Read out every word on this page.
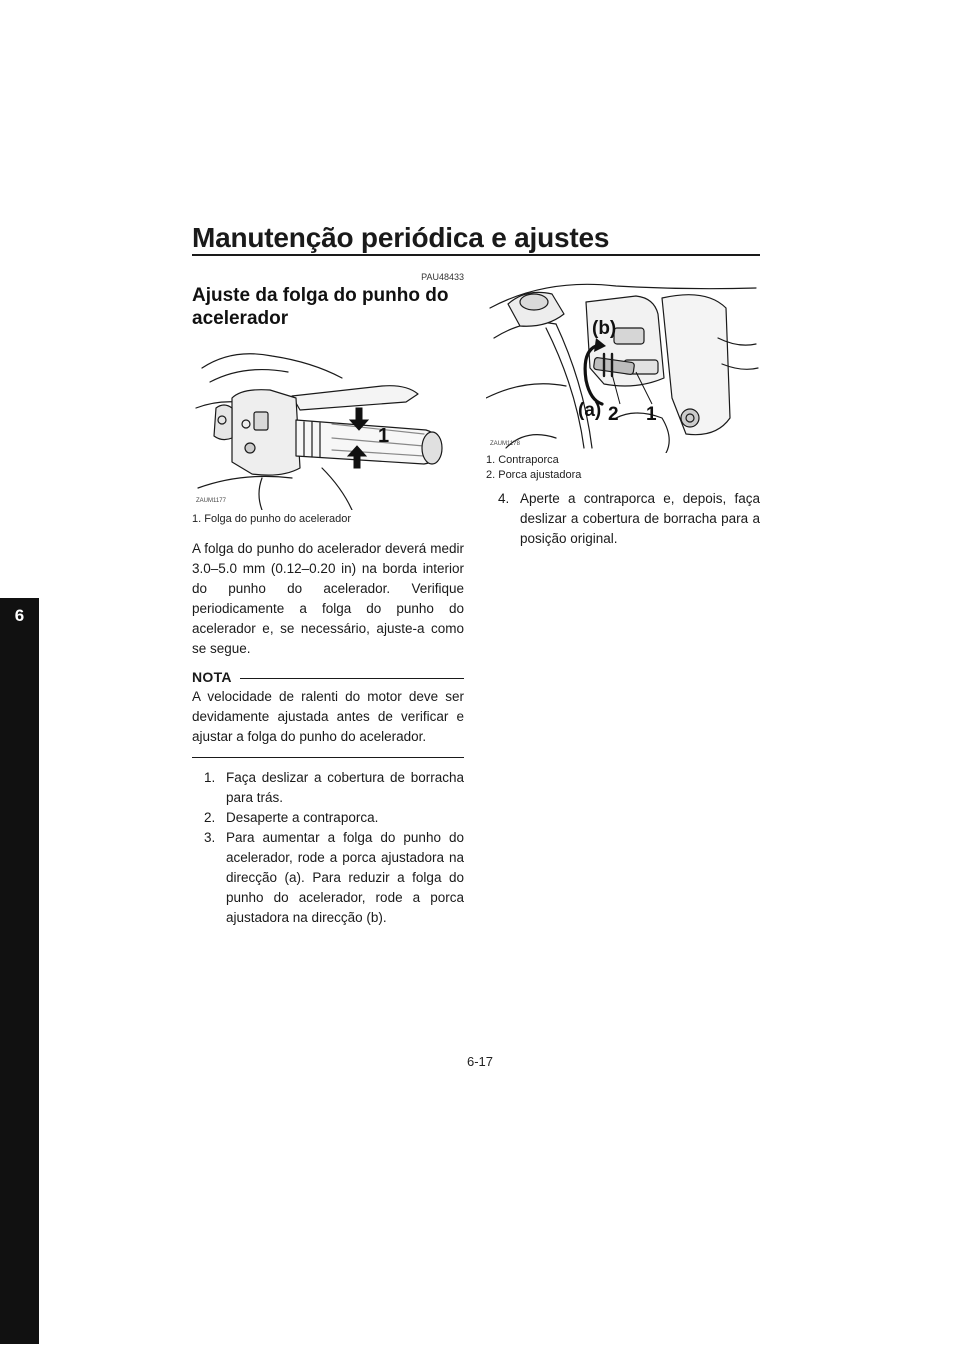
Manutenção periódica e ajustes
6
PAU48433
Ajuste da folga do punho do acelerador
1
ZAUM1177

1. Folga do punho do acelerador

A folga do punho do acelerador deverá medir 3.0–5.0 mm (0.12–0.20 in) na borda interior do punho do acelerador. Verifique periodicamente a folga do punho do acelerador e, se necessário, ajuste-a como se segue.

NOTA

A velocidade de ralenti do motor deve ser devidamente ajustada antes de verificar e ajustar a folga do punho do acelerador.

1. Faça deslizar a cobertura de borracha para trás.
2. Desaperte a contraporca.
3. Para aumentar a folga do punho do acelerador, rode a porca ajustadora na direcção (a). Para reduzir a folga do punho do acelerador, rode a porca ajustadora na direcção (b).
(b)
(a) 2 1
ZAUM1178

1. Contraporca

2. Porca ajustadora

4. Aperte a contraporca e, depois, faça deslizar a cobertura de borracha para a posição original.
6-17
